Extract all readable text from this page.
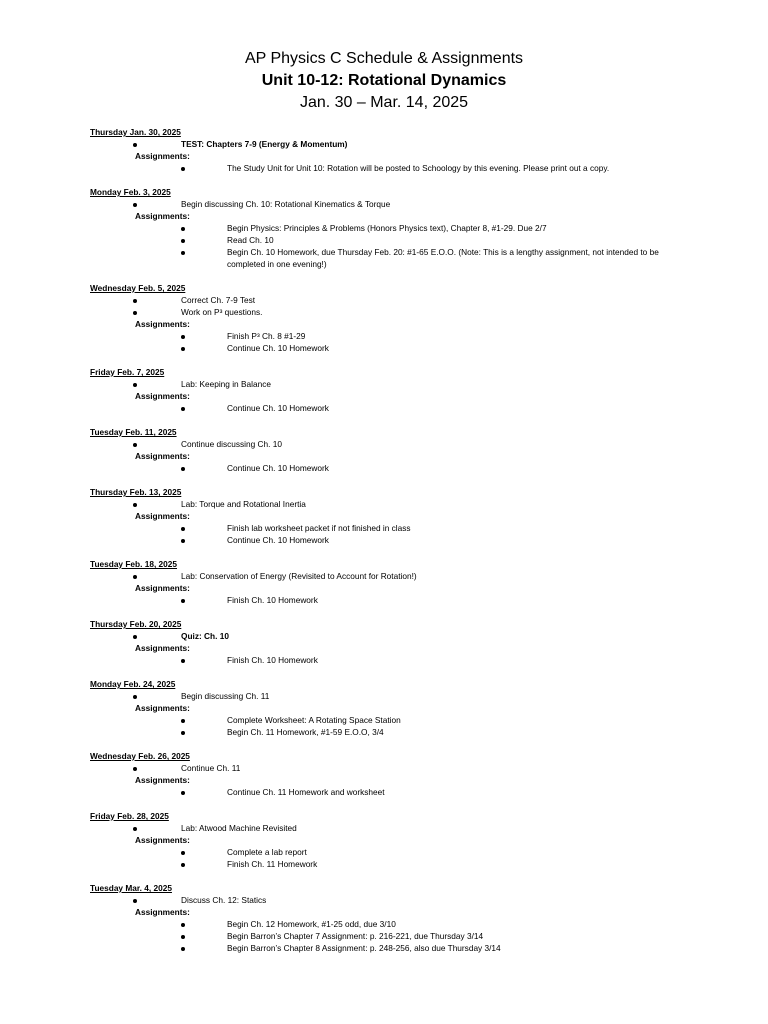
AP Physics C Schedule & Assignments
Unit 10-12: Rotational Dynamics
Jan. 30 – Mar. 14, 2025
Thursday Jan. 30, 2025
TEST: Chapters 7-9 (Energy & Momentum)
Assignments:
The Study Unit for Unit 10: Rotation will be posted to Schoology by this evening. Please print out a copy.
Monday Feb. 3, 2025
Begin discussing Ch. 10: Rotational Kinematics & Torque
Assignments:
Begin Physics: Principles & Problems (Honors Physics text), Chapter 8, #1-29. Due 2/7
Read Ch. 10
Begin Ch. 10 Homework, due Thursday Feb. 20: #1-65 E.O.O. (Note: This is a lengthy assignment, not intended to be completed in one evening!)
Wednesday Feb. 5, 2025
Correct Ch. 7-9 Test
Work on P³ questions.
Assignments:
Finish P³ Ch. 8 #1-29
Continue Ch. 10 Homework
Friday Feb. 7, 2025
Lab: Keeping in Balance
Assignments:
Continue Ch. 10 Homework
Tuesday Feb. 11, 2025
Continue discussing Ch. 10
Assignments:
Continue Ch. 10 Homework
Thursday Feb. 13, 2025
Lab: Torque and Rotational Inertia
Assignments:
Finish lab worksheet packet if not finished in class
Continue Ch. 10 Homework
Tuesday Feb. 18, 2025
Lab: Conservation of Energy (Revisited to Account for Rotation!)
Assignments:
Finish Ch. 10 Homework
Thursday Feb. 20, 2025
Quiz: Ch. 10
Assignments:
Finish Ch. 10 Homework
Monday Feb. 24, 2025
Begin discussing Ch. 11
Assignments:
Complete Worksheet: A Rotating Space Station
Begin Ch. 11 Homework, #1-59 E.O.O, 3/4
Wednesday Feb. 26, 2025
Continue Ch. 11
Assignments:
Continue Ch. 11 Homework and worksheet
Friday Feb. 28, 2025
Lab: Atwood Machine Revisited
Assignments:
Complete a lab report
Finish Ch. 11 Homework
Tuesday Mar. 4, 2025
Discuss Ch. 12: Statics
Assignments:
Begin Ch. 12 Homework, #1-25 odd, due 3/10
Begin Barron’s Chapter 7 Assignment: p. 216-221, due Thursday 3/14
Begin Barron’s Chapter 8 Assignment: p. 248-256, also due Thursday 3/14
